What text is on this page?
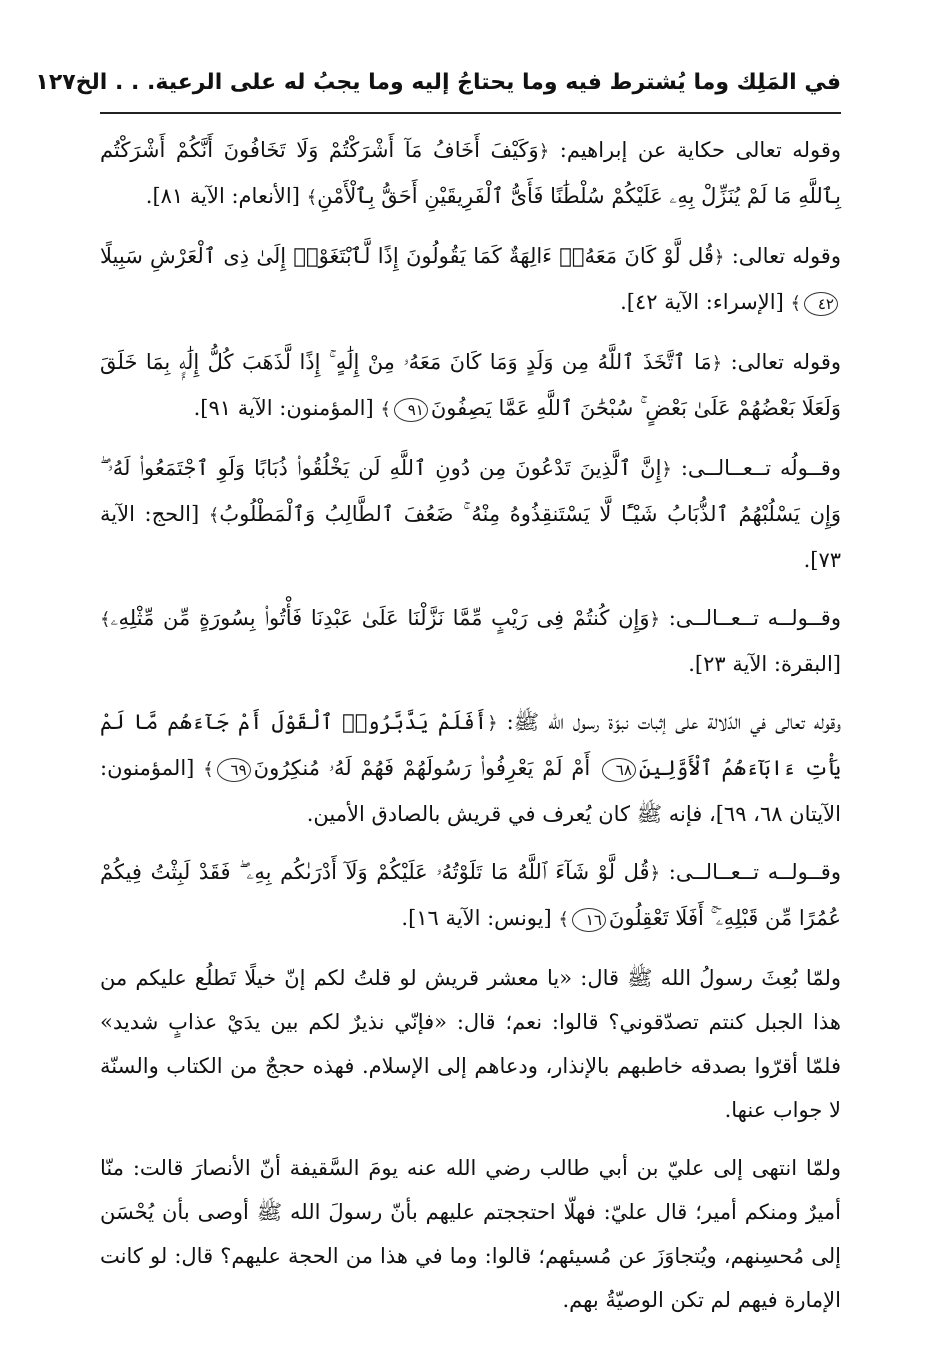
في المَلِك وما يُشترط فيه وما يحتاجُ إليه وما يجبُ له على الرعية. . . الخ
١٢٧

وقوله تعالى حكاية عن إبراهيم: ﴿وَكَيْفَ أَخَافُ مَآ أَشْرَكْتُمْ وَلَا تَخَافُونَ أَنَّكُمْ أَشْرَكْتُم بِٱللَّهِ مَا لَمْ يُنَزِّلْ بِهِۦ عَلَيْكُمْ سُلْطَٰنًا فَأَىُّ ٱلْفَرِيقَيْنِ أَحَقُّ بِٱلْأَمْنِ﴾ [الأنعام: الآية ٨١].

وقوله تعالى: ﴿قُل لَّوْ كَانَ مَعَهُۥٓ ءَالِهَةٌ كَمَا يَقُولُونَ إِذًا لَّٱبْتَغَوْا۟ إِلَىٰ ذِى ٱلْعَرْشِ سَبِيلًا٤٢﴾ [الإسراء: الآية ٤٢].

وقوله تعالى: ﴿مَا ٱتَّخَذَ ٱللَّهُ مِن وَلَدٍ وَمَا كَانَ مَعَهُۥ مِنْ إِلَٰهٍ ۚ إِذًا لَّذَهَبَ كُلُّ إِلَٰهٍۭ بِمَا خَلَقَ وَلَعَلَا بَعْضُهُمْ عَلَىٰ بَعْضٍ ۚ سُبْحَٰنَ ٱللَّهِ عَمَّا يَصِفُونَ٩١﴾ [المؤمنون: الآية ٩١].

وقــولُه تــعــالــى: ﴿إِنَّ ٱلَّذِينَ تَدْعُونَ مِن دُونِ ٱللَّهِ لَن يَخْلُقُوا۟ ذُبَابًا وَلَوِ ٱجْتَمَعُوا۟ لَهُۥ ۖ وَإِن يَسْلُبْهُمُ ٱلذُّبَابُ شَيْـًٔا لَّا يَسْتَنقِذُوهُ مِنْهُ ۚ ضَعُفَ ٱلطَّالِبُ وَٱلْمَطْلُوبُ﴾ [الحج: الآية ٧٣].

وقــولــه تــعــالــى: ﴿وَإِن كُنتُمْ فِى رَيْبٍ مِّمَّا نَزَّلْنَا عَلَىٰ عَبْدِنَا فَأْتُوا۟ بِسُورَةٍ مِّن مِّثْلِهِۦ﴾ [البقرة: الآية ٢٣].

وقوله تعالى في الدّلالة على إثبات نبوّة رسول الله ﷺ: ﴿أَفَلَمْ يَدَّبَّرُوا۟ ٱلْقَوْلَ أَمْ جَآءَهُم مَّا لَمْ يَأْتِ ءَابَآءَهُمُ ٱلْأَوَّلِينَ٦٨ أَمْ لَمْ يَعْرِفُوا۟ رَسُولَهُمْ فَهُمْ لَهُۥ مُنكِرُونَ٦٩﴾ [المؤمنون: الآيتان ٦٨، ٦٩]، فإنه ﷺ كان يُعرف في قريش بالصادق الأمين.

وقــولــه تــعــالــى: ﴿قُل لَّوْ شَآءَ ٱللَّهُ مَا تَلَوْتُهُۥ عَلَيْكُمْ وَلَآ أَدْرَىٰكُم بِهِۦ ۖ فَقَدْ لَبِثْتُ فِيكُمْ عُمُرًا مِّن قَبْلِهِۦٓ ۚ أَفَلَا تَعْقِلُونَ١٦﴾ [يونس: الآية ١٦].

ولمّا بُعِثَ رسولُ الله ﷺ قال: «يا معشر قريش لو قلتُ لكم إنّ خيلًا تَطلُع عليكم من هذا الجبل كنتم تصدّقوني؟ قالوا: نعم؛ قال: «فإنّي نذيرٌ لكم بين يدَيْ عذابٍ شديد» فلمّا أقرّوا بصدقه خاطبهم بالإنذار، ودعاهم إلى الإسلام. فهذه حججٌ من الكتاب والسنّة لا جواب عنها.

ولمّا انتهى إلى عليّ بن أبي طالب رضي الله عنه يومَ السَّقيفة أنّ الأنصارَ قالت: منّا أميرٌ ومنكم أمير؛ قال عليّ: فهلّا احتججتم عليهم بأنّ رسولَ الله ﷺ أوصى بأن يُحْسَن إلى مُحسِنهم، ويُتجاوَزَ عن مُسيئهم؛ قالوا: وما في هذا من الحجة عليهم؟ قال: لو كانت الإمارة فيهم لم تكن الوصيّةُ بهم.
